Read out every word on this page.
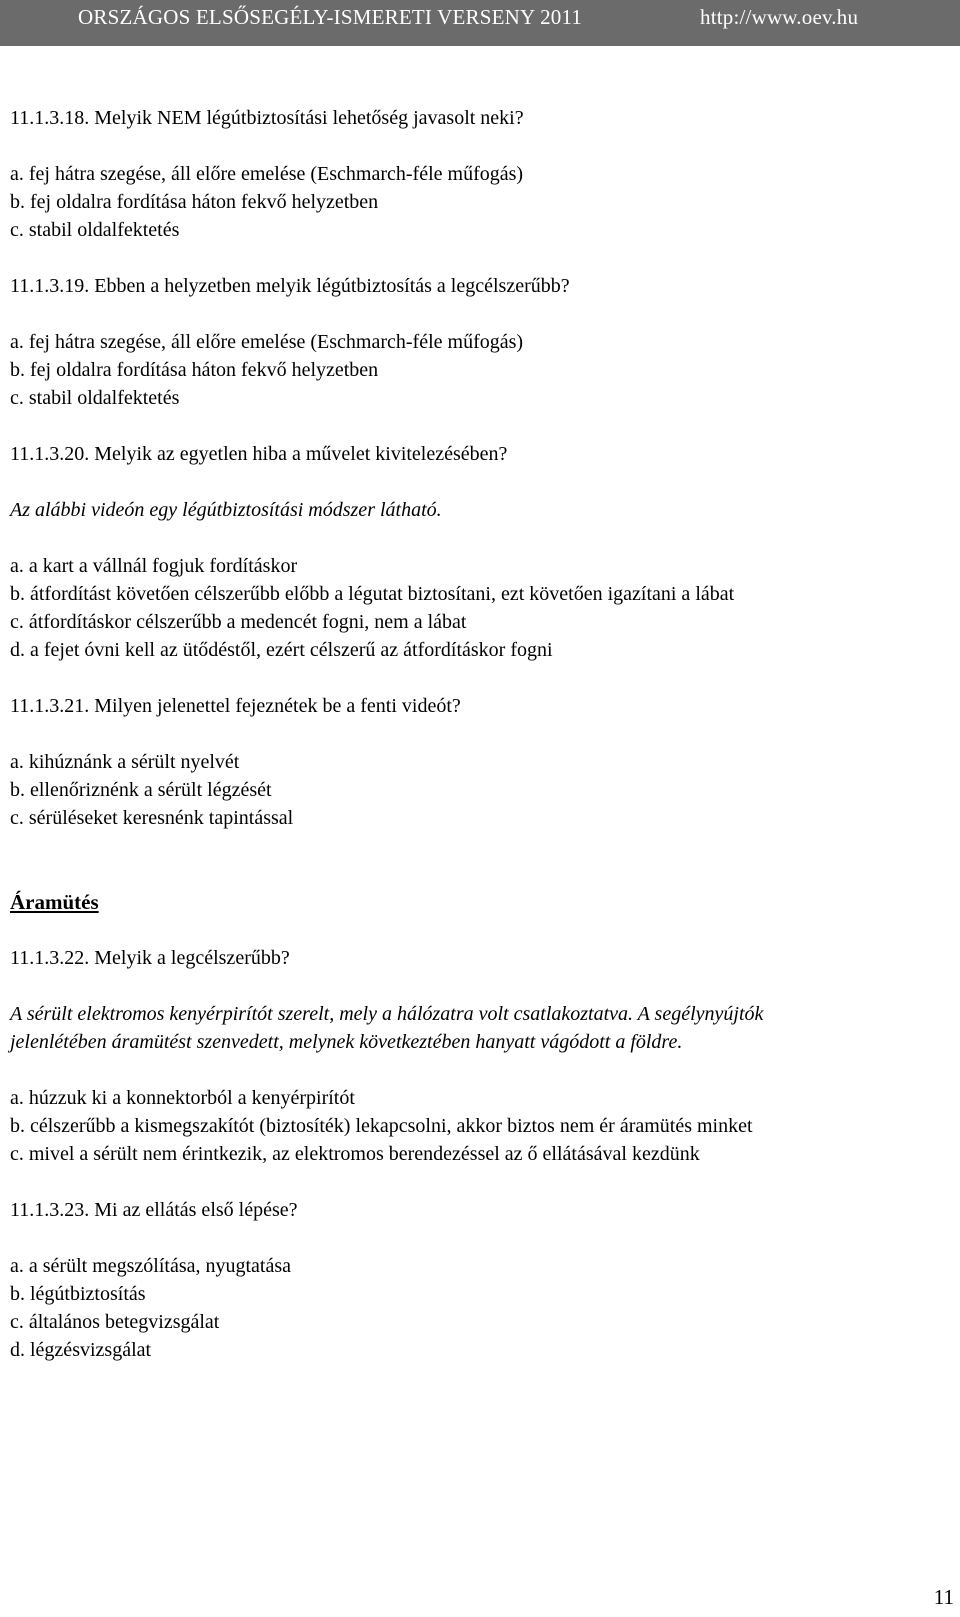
ORSZÁGOS ELSŐSEGÉLY-ISMERETI VERSENY 2011	http://www.oev.hu
11.1.3.18. Melyik NEM légútbiztosítási lehetőség javasolt neki?
a. fej hátra szegése, áll előre emelése (Eschmarch-féle műfogás)
b. fej oldalra fordítása háton fekvő helyzetben
c. stabil oldalfektetés
11.1.3.19. Ebben a helyzetben melyik légútbiztosítás a legcélszerűbb?
a. fej hátra szegése, áll előre emelése (Eschmarch-féle műfogás)
b. fej oldalra fordítása háton fekvő helyzetben
c. stabil oldalfektetés
11.1.3.20. Melyik az egyetlen hiba a művelet kivitelezésében?
Az alábbi videón egy légútbiztosítási módszer látható.
a. a kart a vállnál fogjuk fordításkor
b. átfordítást követően célszerűbb előbb a légutat biztosítani, ezt követően igazítani a lábat
c. átfordításkor célszerűbb a medencét fogni, nem a lábat
d. a fejet óvni kell az ütődéstől, ezért célszerű az átfordításkor fogni
11.1.3.21. Milyen jelenettel fejeznétek be a fenti videót?
a. kihúznánk a sérült nyelvét
b. ellenőriznénk a sérült légzését
c. sérüléseket keresnénk tapintással
Áramütés
11.1.3.22. Melyik a legcélszerűbb?
A sérült elektromos kenyérpirítót szerelt, mely a hálózatra volt csatlakoztatva. A segélynyújtók
jelenlétében áramütést szenvedett, melynek következtében hanyatt vágódott a földre.
a. húzzuk ki a konnektorból a kenyérpirítót
b. célszerűbb a kismegszakítót (biztosíték) lekapcsolni, akkor biztos nem ér áramütés minket
c. mivel a sérült nem érintkezik, az elektromos berendezéssel az ő ellátásával kezdünk
11.1.3.23. Mi az ellátás első lépése?
a. a sérült megszólítása, nyugtatása
b. légútbiztosítás
c. általános betegvizsgálat
d. légzésvizsgálat
11
